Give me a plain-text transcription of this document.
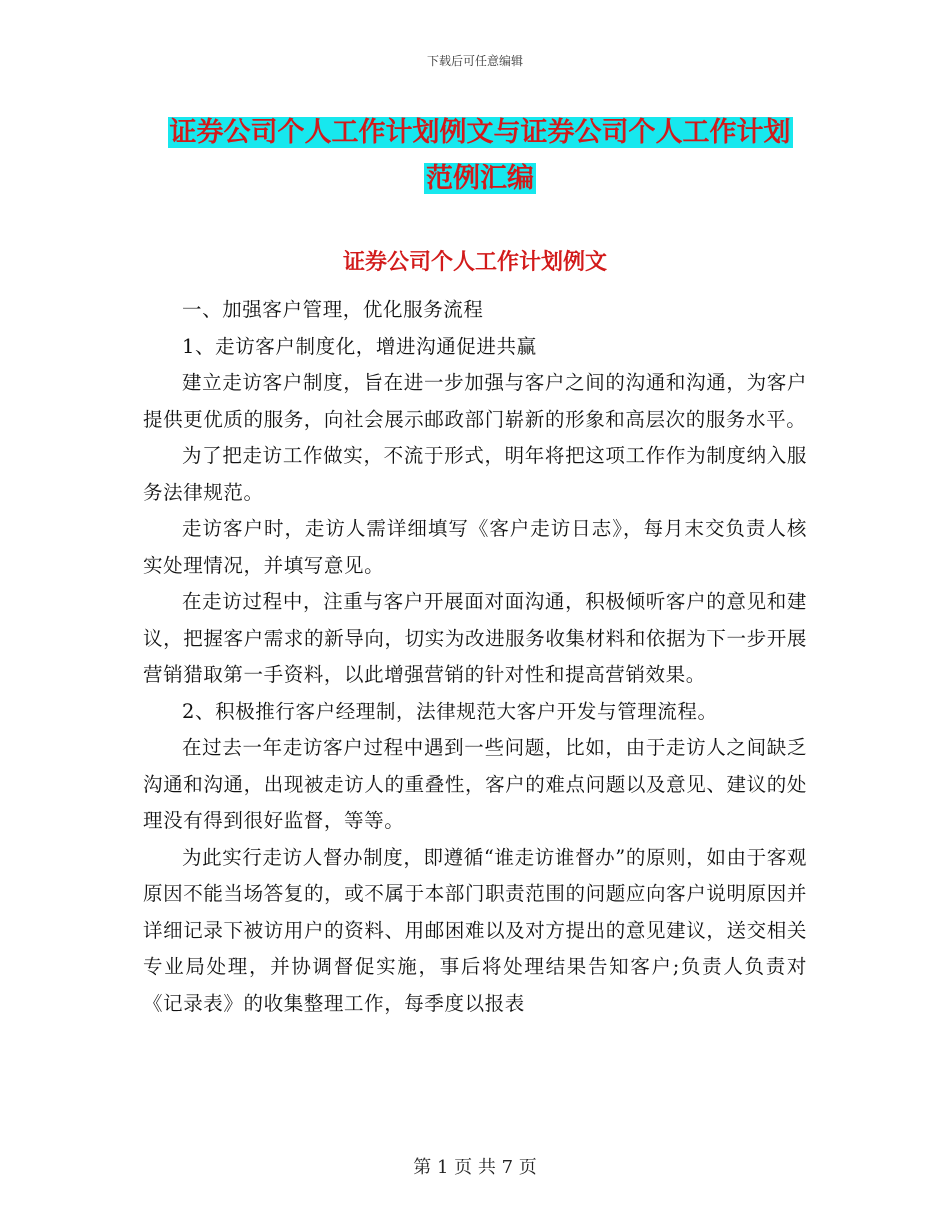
下载后可任意编辑
证券公司个人工作计划例文与证券公司个人工作计划
范例汇编
证券公司个人工作计划例文

一、加强客户管理，优化服务流程

1、走访客户制度化，增进沟通促进共赢

建立走访客户制度，旨在进一步加强与客户之间的沟通和沟通，为客户提供更优质的服务，向社会展示邮政部门崭新的形象和高层次的服务水平。

为了把走访工作做实，不流于形式，明年将把这项工作作为制度纳入服务法律规范。

走访客户时，走访人需详细填写《客户走访日志》，每月末交负责人核实处理情况，并填写意见。

在走访过程中，注重与客户开展面对面沟通，积极倾听客户的意见和建议，把握客户需求的新导向，切实为改进服务收集材料和依据为下一步开展营销猎取第一手资料，以此增强营销的针对性和提高营销效果。

2、积极推行客户经理制，法律规范大客户开发与管理流程。

在过去一年走访客户过程中遇到一些问题，比如，由于走访人之间缺乏沟通和沟通，出现被走访人的重叠性，客户的难点问题以及意见、建议的处理没有得到很好监督，等等。

为此实行走访人督办制度，即遵循“谁走访谁督办”的原则，如由于客观原因不能当场答复的，或不属于本部门职责范围的问题应向客户说明原因并详细记录下被访用户的资料、用邮困难以及对方提出的意见建议，送交相关专业局处理，并协调督促实施，事后将处理结果告知客户;负责人负责对《记录表》的收集整理工作，每季度以报表

第 1 页 共 7 页
